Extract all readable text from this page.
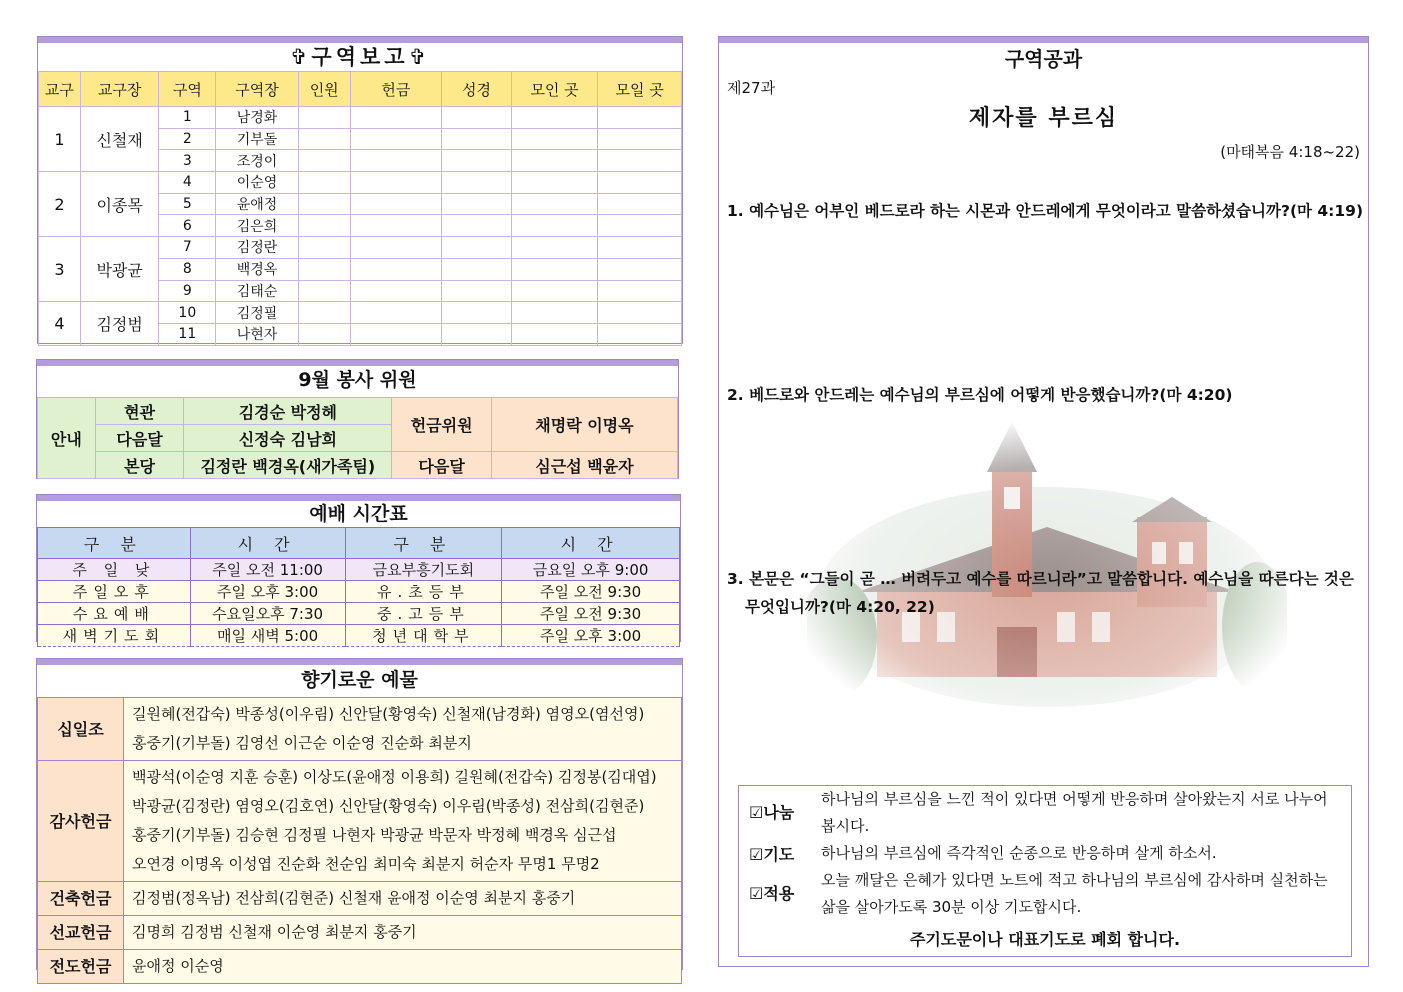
✞구역보고✞
교구	교구장	구역	구역장	인원	헌금	성경	모인 곳	모일 곳
1	신철재	1	남경화					
		2	기부돌					
		3	조경이					
2	이종목	4	이순영					
		5	윤애정					
		6	김은희					
3	박광균	7	김정란					
		8	백경옥					
		9	김태순					
4	김정범	10	김정필					
		11	나현자					
9월 봉사 위원
안내	현관	김경순 박정헤	헌금위원	채명락 이명옥
	다음달	신정숙 김남희		
	본당	김정란 백경옥(새가족팀)	다음달	심근섭 백윤자
예배 시간표
구 분	시 간	구 분	시 간
주 일 낮	주일 오전 11:00	금요부흥기도회	금요일 오후 9:00
주일오후	주일 오후 3:00	유.초등부	주일 오전 9:30
수요예배	수요일오후 7:30	중.고등부	주일 오전 9:30
새벽기도회	매일 새벽 5:00	청년대학부	주일 오후 3:00
향기로운 예물
십일조	길원혜(전갑숙) 박종성(이우림) 신안달(황영숙) 신철재(남경화) 염영오(염선영)
홍중기(기부돌) 김영선 이근순 이순영 진순화 최분지

감사헌금	백광석(이순영 지훈 승훈) 이상도(윤애정 이용희) 길원혜(전갑숙) 김정봉(김대엽)
박광균(김정란) 염영오(김호연) 신안달(황영숙) 이우림(박종성) 전삼희(김현준)
홍중기(기부돌) 김승현 김정필 나현자 박광균 박문자 박정혜 백경옥 심근섭
오연경 이명옥 이성엽 진순화 천순임 최미숙 최분지 허순자 무명1 무명2

건축헌금	김정범(정옥남) 전삼희(김현준) 신철재 윤애정 이순영 최분지 홍중기
선교헌금	김명희 김정범 신철재 이순영 최분지 홍중기
전도헌금	윤애정 이순영
구역공과
제27과
제자를 부르심
(마태복음 4:18~22)
1. 예수님은 어부인 베드로라 하는 시몬과 안드레에게 무엇이라고 말씀하셨습니까?(마 4:19)
2. 베드로와 안드레는 예수님의 부르심에 어떻게 반응했습니까?(마 4:20)
3. 본문은 “그들이 곧 … 버려두고 예수를 따르니라”고 말씀합니다. 예수님을 따른다는 것은 무엇입니까?(마 4:20, 22)
☑나눔
하나님의 부르심을 느낀 적이 있다면 어떻게 반응하며 살아왔는지 서로 나누어 봅시다.
☑기도 하나님의 부르심에 즉각적인 순종으로 반응하며 살게 하소서.
☑적용
오늘 깨달은 은혜가 있다면 노트에 적고 하나님의 부르심에 감사하며 실천하는 삶을 살아가도록 30분 이상 기도합시다.
주기도문이나 대표기도로 폐회 합니다.
